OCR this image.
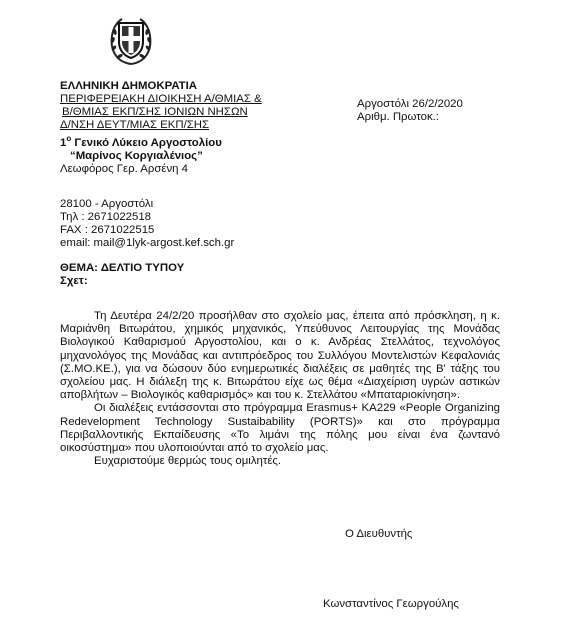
ΕΛΛΗΝΙΚΗ ΔΗΜΟΚΡΑΤΙΑ
ΠΕΡΙΦΕΡΕΙΑΚΗ ΔΙΟΙΚΗΣΗ Α/ΘΜΙΑΣ &
Β/ΘΜΙΑΣ ΕΚΠ/ΣΗΣ ΙΟΝΙΩΝ ΝΗΣΩΝ
Δ/ΝΣΗ ΔΕΥΤ/ΜΙΑΣ ΕΚΠ/ΣΗΣ
$1^o$ Γενικό Λύκειο Αργοστολίου
“Μαρίνος Κοργιαλένιος”
Λεωφόρος Γερ. Αρσένη 4
Αργοστόλι 26/2/2020
Αριθμ. Πρωτοκ.:
28100 - Αργοστόλι
Τηλ : 2671022518
FAX : 2671022515
email: mail@1lyk-argost.kef.sch.gr
ΘΕΜΑ: ΔΕΛΤΙΟ ΤΥΠΟΥ
Σχετ:

Τη Δευτέρα 24/2/20 προσήλθαν στο σχολείο μας, έπειτα από πρόσκληση, η κ. Μαριάνθη Βιτωράτου, χημικός μηχανικός, Υπεύθυνος Λειτουργίας της Μονάδας Βιολογικού Καθαρισμού Αργοστολίου, και ο κ. Ανδρέας Στελλάτος, τεχνολόγος μηχανολόγος της Μονάδας και αντιπρόεδρος του Συλλόγου Μοντελιστών Κεφαλονιάς (Σ.ΜΟ.ΚΕ.), για να δώσουν δύο ενημερωτικές διαλέξεις σε μαθητές της Β' τάξης του σχολείου μας. Η διάλεξη της κ. Βιτωράτου είχε ως θέμα «Διαχείριση υγρών αστικών αποβλήτων – Βιολογικός καθαρισμός» και του κ. Στελλάτου «Μπαταριοκίνηση».

Οι διαλέξεις εντάσσονται στο πρόγραμμα Erasmus+ KA229 «People Organizing Redevelopment Technology Sustaibability (PORTS)» και στο πρόγραμμα Περιβαλλοντικής Εκπαίδευσης «Το λιμάνι της πόλης μου είναι ένα ζωντανό οικοσύστημα» που υλοποιούνται από το σχολείο μας.

Ευχαριστούμε θερμώς τους ομιλητές.

Ο Διευθυντής
Κωνσταντίνος Γεωργούλης
